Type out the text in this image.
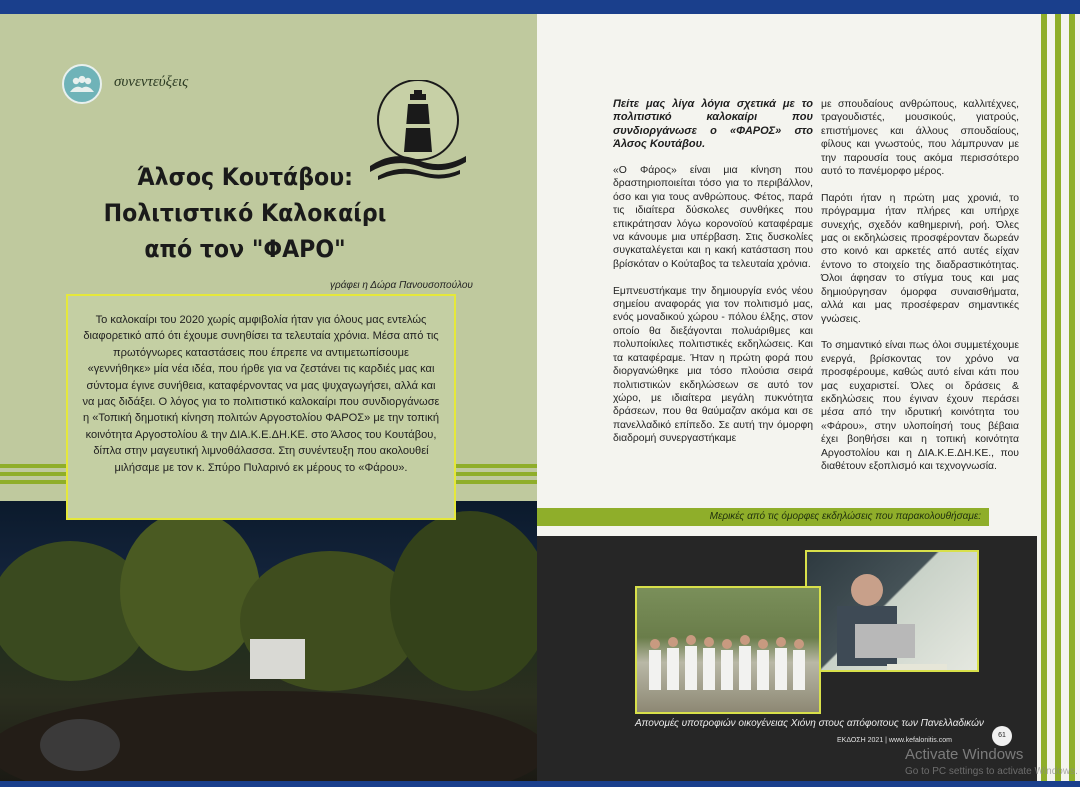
συνεντεύξεις
Άλσος Κουτάβου:
Πολιτιστικό Καλοκαίρι
από τον "ΦΑΡΟ"
γράφει η Δώρα Πανουσοπούλου

Το καλοκαίρι του 2020 χωρίς αμφιβολία ήταν για όλους μας εντελώς διαφορετικό από ότι έχουμε συνηθίσει τα τελευταία χρόνια. Μέσα από τις πρωτόγνωρες καταστάσεις που έπρεπε να αντιμετωπίσουμε «γεννήθηκε» μία νέα ιδέα, που ήρθε για να ζεστάνει τις καρδιές μας και σύντομα έγινε συνήθεια, καταφέρνοντας να μας ψυχαγωγήσει, αλλά και να μας διδάξει. Ο λόγος για το πολιτιστικό καλοκαίρι που συνδιοργάνωσε η «Τοπική δημοτική κίνηση πολιτών Αργοστολίου ΦΑΡΟΣ» με την τοπική κοινότητα Αργοστολίου & την ΔΙΑ.Κ.Ε.ΔΗ.ΚΕ. στο Άλσος του Κουτάβου, δίπλα στην μαγευτική λιμνοθάλασσα. Στη συνέντευξη που ακολουθεί μιλήσαμε με τον κ. Σπύρο Πυλαρινό εκ μέρους το «Φάρου».

Πείτε μας λίγα λόγια σχετικά με το πολιτιστικό καλοκαίρι που συνδιοργάνωσε ο «ΦΑΡΟΣ» στο Άλσος Κουτάβου.
«Ο Φάρος» είναι μια κίνηση που δραστηριοποιείται τόσο για το περιβάλλον, όσο και για τους ανθρώπους. Φέτος, παρά τις ιδιαίτερα δύσκολες συνθήκες που επικράτησαν λόγω κορονοϊού καταφέραμε να κάνουμε μια υπέρβαση. Στις δυσκολίες συγκαταλέγεται και η κακή κατάσταση που βρίσκόταν ο Κούταβος τα τελευταία χρόνια.

Εμπνευστήκαμε την δημιουργία ενός νέου σημείου αναφοράς για τον πολιτισμό μας, ενός μοναδικού χώρου - πόλου έλξης, στον οποίο θα διεξάγονται πολυάριθμες και πολυποίκιλες πολιτιστικές εκδηλώσεις. Και τα καταφέραμε. Ήταν η πρώτη φορά που διοργανώθηκε μια τόσο πλούσια σειρά πολιτιστικών εκδηλώσεων σε αυτό τον χώρο, με ιδιαίτερα μεγάλη πυκνότητα δράσεων, που θα θαύμαζαν ακόμα και σε πανελλαδικό επίπεδο. Σε αυτή την όμορφη διαδρομή συνεργαστήκαμε
με σπουδαίους ανθρώπους, καλλιτέχνες, τραγουδιστές, μουσικούς, γιατρούς, επιστήμονες και άλλους σπουδαίους, φίλους και γνωστούς, που λάμπρυναν με την παρουσία τους ακόμα περισσότερο αυτό το πανέμορφο μέρος.

Παρότι ήταν η πρώτη μας χρονιά, το πρόγραμμα ήταν πλήρες και υπήρχε συνεχής, σχεδόν καθημερινή, ροή. Όλες μας οι εκδηλώσεις προσφέρονταν δωρεάν στο κοινό και αρκετές από αυτές είχαν έντονο το στοιχείο της διαδραστικότητας. Όλοι άφησαν το στίγμα τους και μας δημιούργησαν όμορφα συναισθήματα, αλλά και μας προσέφεραν σημαντικές γνώσεις.

Το σημαντικό είναι πως όλοι συμμετέχουμε ενεργά, βρίσκοντας τον χρόνο να προσφέρουμε, καθώς αυτό είναι κάτι που μας ευχαριστεί. Όλες οι δράσεις & εκδηλώσεις που έγιναν έχουν περάσει μέσα από την ιδρυτική κοινότητα του «Φάρου», στην υλοποίησή τους βέβαια έχει βοηθήσει και η τοπική κοινότητα Αργοστολίου και η ΔΙΑ.Κ.Ε.ΔΗ.ΚΕ., που διαθέτουν εξοπλισμό και τεχνογνωσία.
Μερικές από τις όμορφες εκδηλώσεις που παρακολουθήσαμε:
Απονομές υποτροφιών οικογένειας Χιόνη στους απόφοιτους των Πανελλαδικών
ΕΚΔΟΣΗ 2021 | www.kefalonitis.com
61
Activate Windows
Go to PC settings to activate Windows.
